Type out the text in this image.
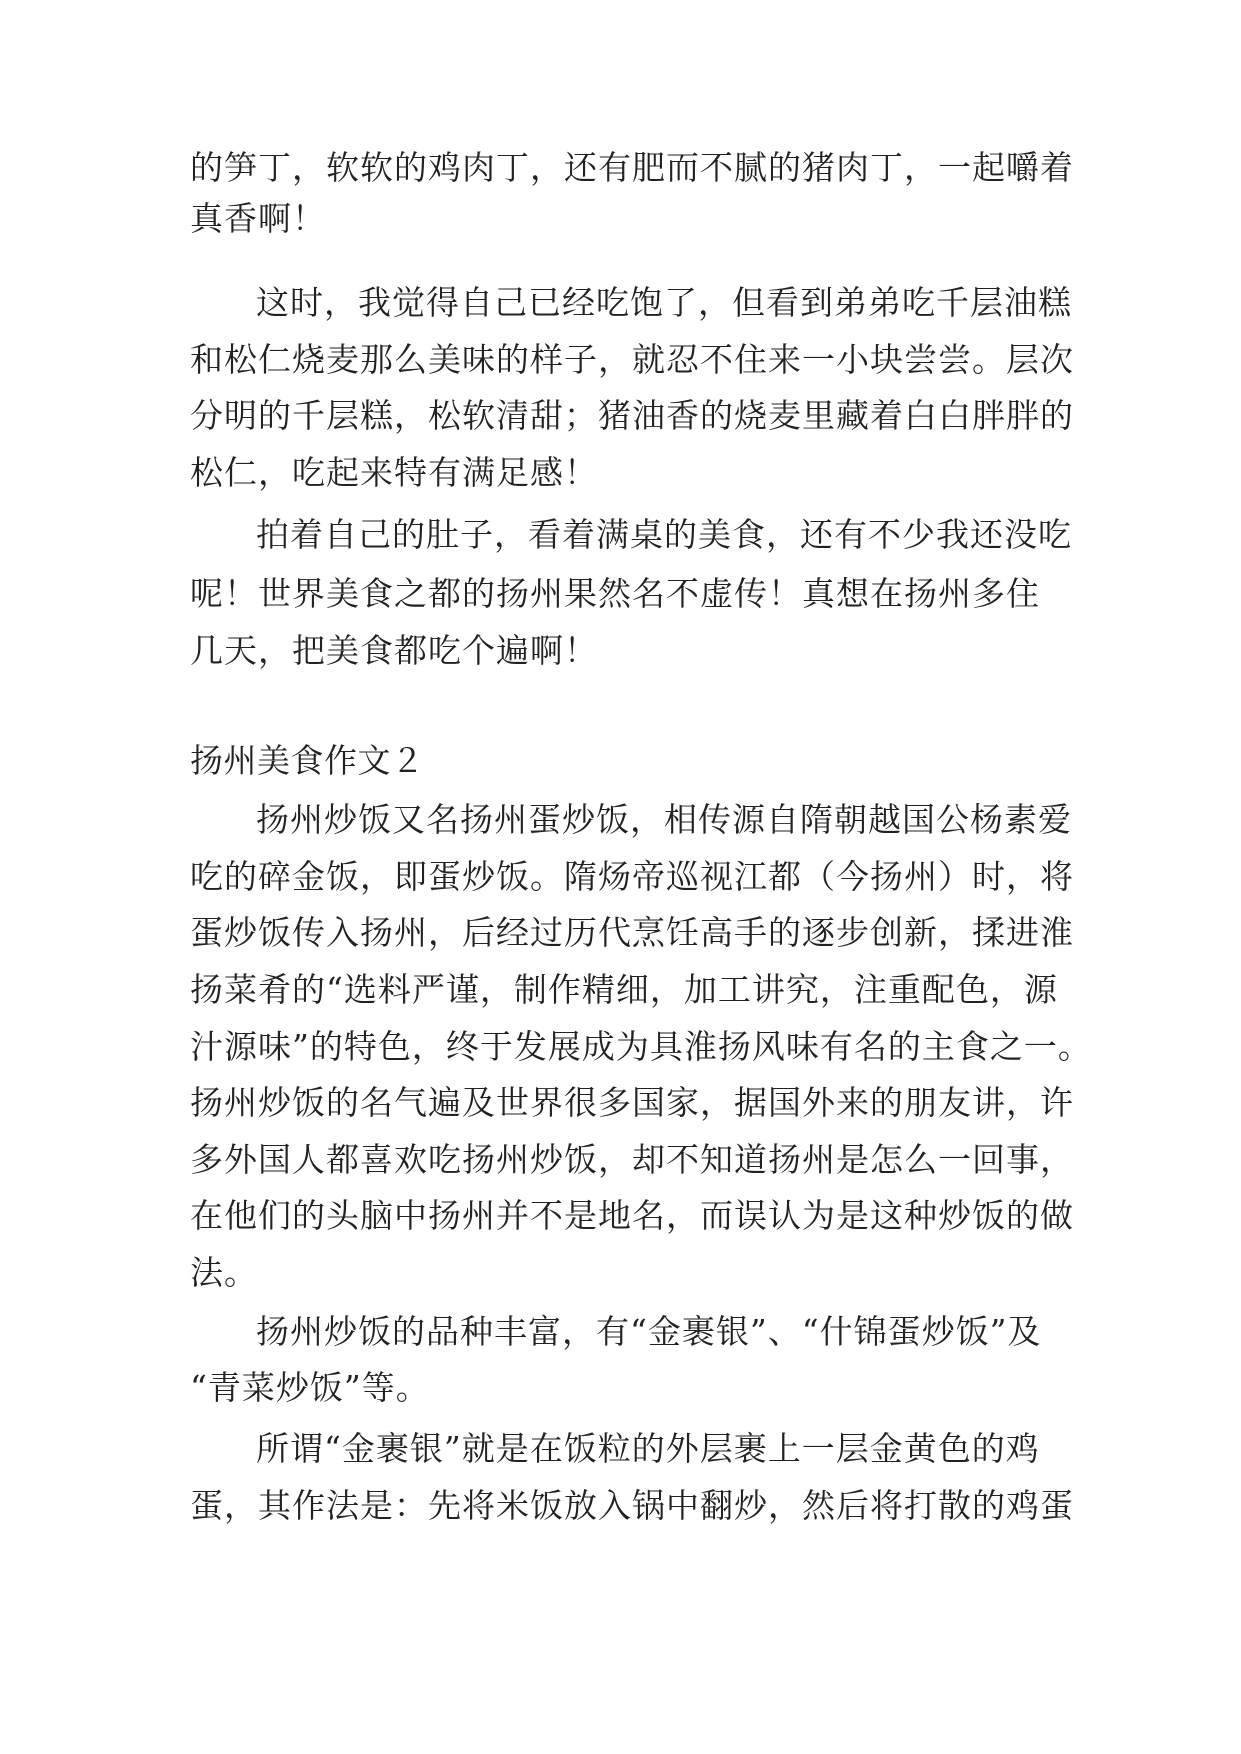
的笋丁，软软的鸡肉丁，还有肥而不腻的猪肉丁，一起嚼着
真香啊！
这时，我觉得自己已经吃饱了，但看到弟弟吃千层油糕
和松仁烧麦那么美味的样子，就忍不住来一小块尝尝。层次
分明的千层糕，松软清甜；猪油香的烧麦里藏着白白胖胖的
松仁，吃起来特有满足感！
拍着自己的肚子，看着满桌的美食，还有不少我还没吃
呢！世界美食之都的扬州果然名不虚传！真想在扬州多住
几天，把美食都吃个遍啊！
扬州美食作文２
扬州炒饭又名扬州蛋炒饭，相传源自隋朝越国公杨素爱
吃的碎金饭，即蛋炒饭。隋炀帝巡视江都（今扬州）时，将
蛋炒饭传入扬州，后经过历代烹饪高手的逐步创新，揉进淮
扬菜肴的“选料严谨，制作精细，加工讲究，注重配色，源
汁源味”的特色，终于发展成为具淮扬风味有名的主食之一。
扬州炒饭的名气遍及世界很多国家，据国外来的朋友讲，许
多外国人都喜欢吃扬州炒饭，却不知道扬州是怎么一回事，
在他们的头脑中扬州并不是地名，而误认为是这种炒饭的做
法。
扬州炒饭的品种丰富，有“金裹银”、“什锦蛋炒饭”及
“青菜炒饭”等。
所谓“金裹银”就是在饭粒的外层裹上一层金黄色的鸡
蛋，其作法是：先将米饭放入锅中翻炒，然后将打散的鸡蛋
